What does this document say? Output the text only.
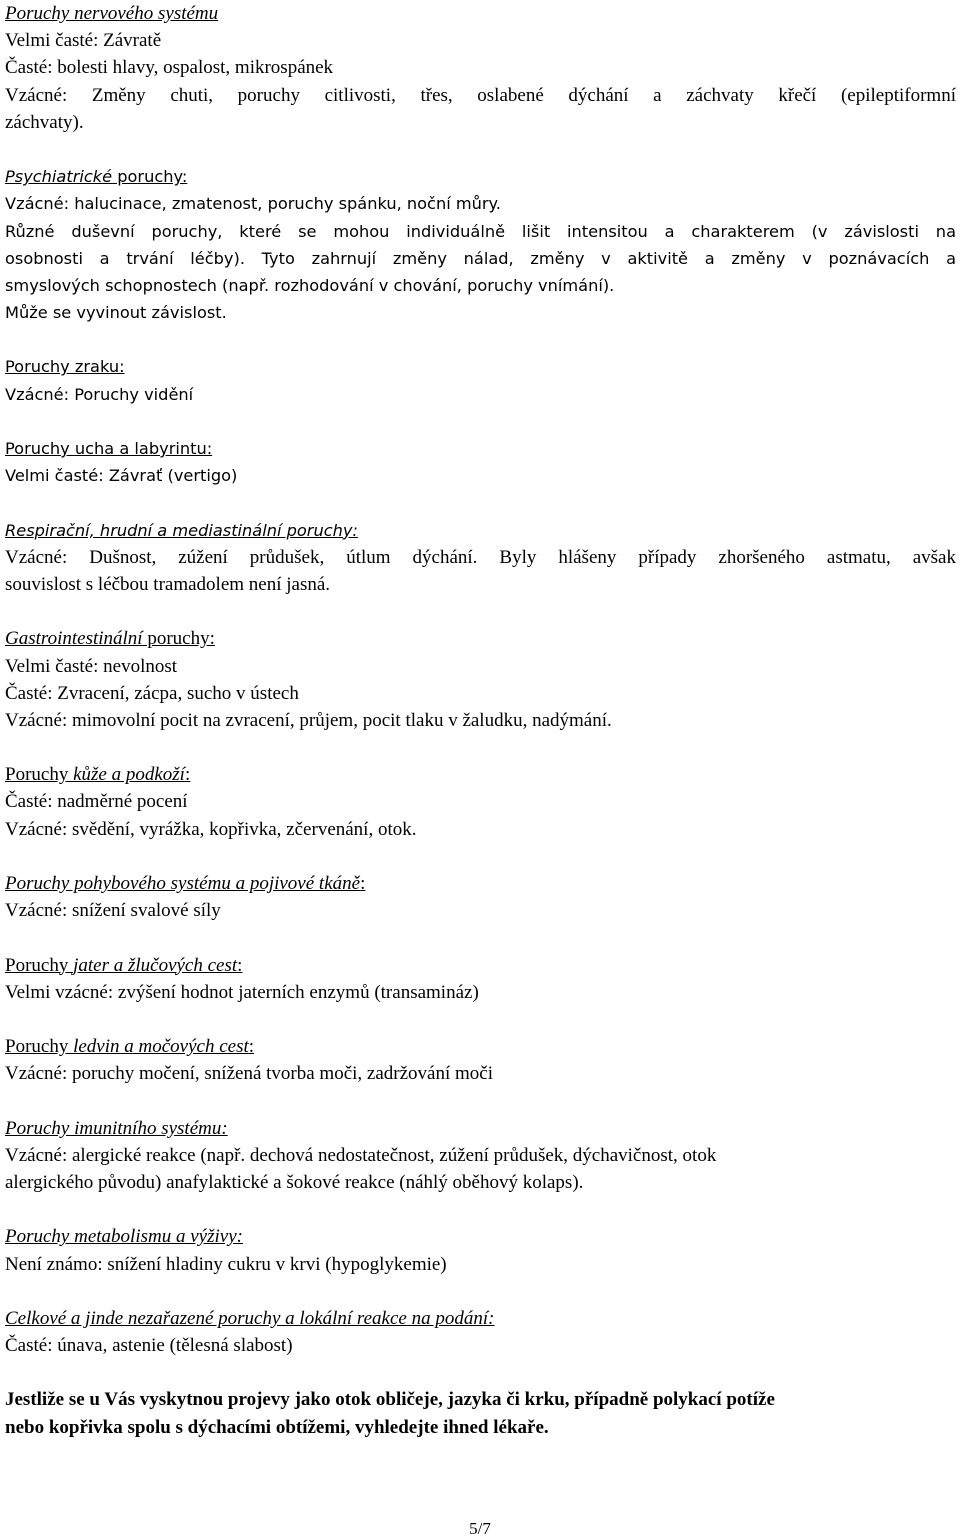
Poruchy nervového systému
Velmi časté: Závratě
Časté: bolesti hlavy, ospalost, mikrospánek
Vzácné: Změny chuti, poruchy citlivosti, třes, oslabené dýchání a záchvaty křečí (epileptiformní
záchvaty).
Psychiatrické poruchy:
Vzácné: halucinace, zmatenost, poruchy spánku, noční můry.
Různé duševní poruchy, které se mohou individuálně lišit intensitou a charakterem (v závislosti na
osobnosti a trvání léčby). Tyto zahrnují změny nálad, změny v aktivitě a změny v poznávacích a
smyslových schopnostech (např. rozhodování v chování, poruchy vnímání).
Může se vyvinout závislost.
Poruchy zraku:
Vzácné: Poruchy vidění
Poruchy ucha a labyrintu:
Velmi časté: Závrať (vertigo)
Respirační, hrudní a mediastinální poruchy:
Vzácné: Dušnost, zúžení průdušek, útlum dýchání. Byly hlášeny případy zhoršeného astmatu, avšak
souvislost s léčbou tramadolem není jasná.
Gastrointestinální poruchy:
Velmi časté: nevolnost
Časté: Zvracení, zácpa, sucho v ústech
Vzácné: mimovolní pocit na zvracení, průjem, pocit tlaku v žaludku, nadýmání.
Poruchy kůže a podkoží:
Časté: nadměrné pocení
Vzácné: svědění, vyrážka, kopřivka, zčervenání, otok.
Poruchy pohybového systému a pojivové tkáně:
Vzácné: snížení svalové síly
Poruchy jater a žlučových cest:
Velmi vzácné: zvýšení hodnot jaterních enzymů (transamináz)
Poruchy ledvin a močových cest:
Vzácné: poruchy močení, snížená tvorba moči, zadržování moči
Poruchy imunitního systému:
Vzácné: alergické reakce (např. dechová nedostatečnost, zúžení průdušek, dýchavičnost, otok
alergického původu) anafylaktické a šokové reakce (náhlý oběhový kolaps).
Poruchy metabolismu a výživy:
Není známo: snížení hladiny cukru v krvi (hypoglykemie)
Celkové a jinde nezařazené poruchy a lokální reakce na podání:
Časté: únava, astenie (tělesná slabost)
Jestliže se u Vás vyskytnou projevy jako otok obličeje, jazyka či krku, případně polykací potíže
nebo kopřivka spolu s dýchacími obtížemi, vyhledejte ihned lékaře.
5/7
